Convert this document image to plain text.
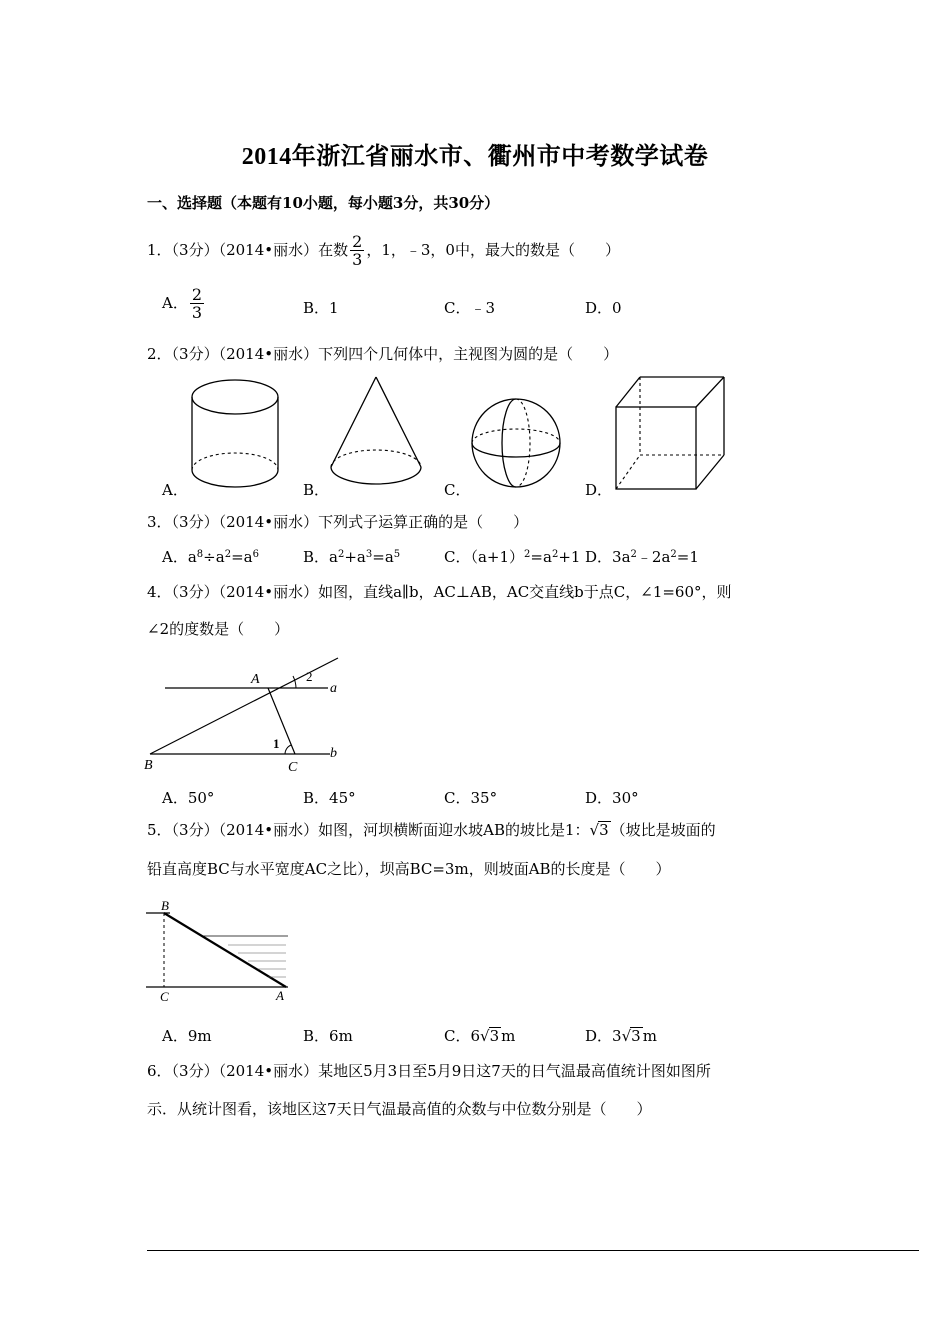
2014年浙江省丽水市、衢州市中考数学试卷
一、选择题（本题有10小题，每小题3分，共30分）
1．（3分）（2014•丽水）在数 $\frac{2}{3}$ ，1，﹣3，0中，最大的数是（　　）
A． $\frac{2}{3}$	B．1	C．﹣3	D．0
2．（3分）（2014•丽水）下列四个几何体中，主视图为圆的是（　　）
A．	B．	C．	D．
3．（3分）（2014•丽水）下列式子运算正确的是（　　）
A．$a^8\div a^2=a^6$	B．$a^2+a^3=a^5$	C．$(a+1)^2=a^2+1$ D．$3a^2﹣2a^2=1$
4．（3分）（2014•丽水）如图，直线a∥b，AC⊥AB，AC交直线b于点C，∠1=60°，则
∠2的度数是（　　）
A
B	C
a
b
1
2
A．50°	B．45°	C．35°	D．30°
5．（3分）（2014•丽水）如图，河坝横断面迎水坡AB的坡比是1：√3 （坡比是坡面的
铅直高度BC与水平宽度AC之比），坝高BC=3m，则坡面AB的长度是（　　）
B
C	A
A．9m	B．6m	C．6√3 m	D．3√3 m
6．（3分）（2014•丽水）某地区5月3日至5月9日这7天的日气温最高值统计图如图所
示．从统计图看，该地区这7天日气温最高值的众数与中位数分别是（　　）
